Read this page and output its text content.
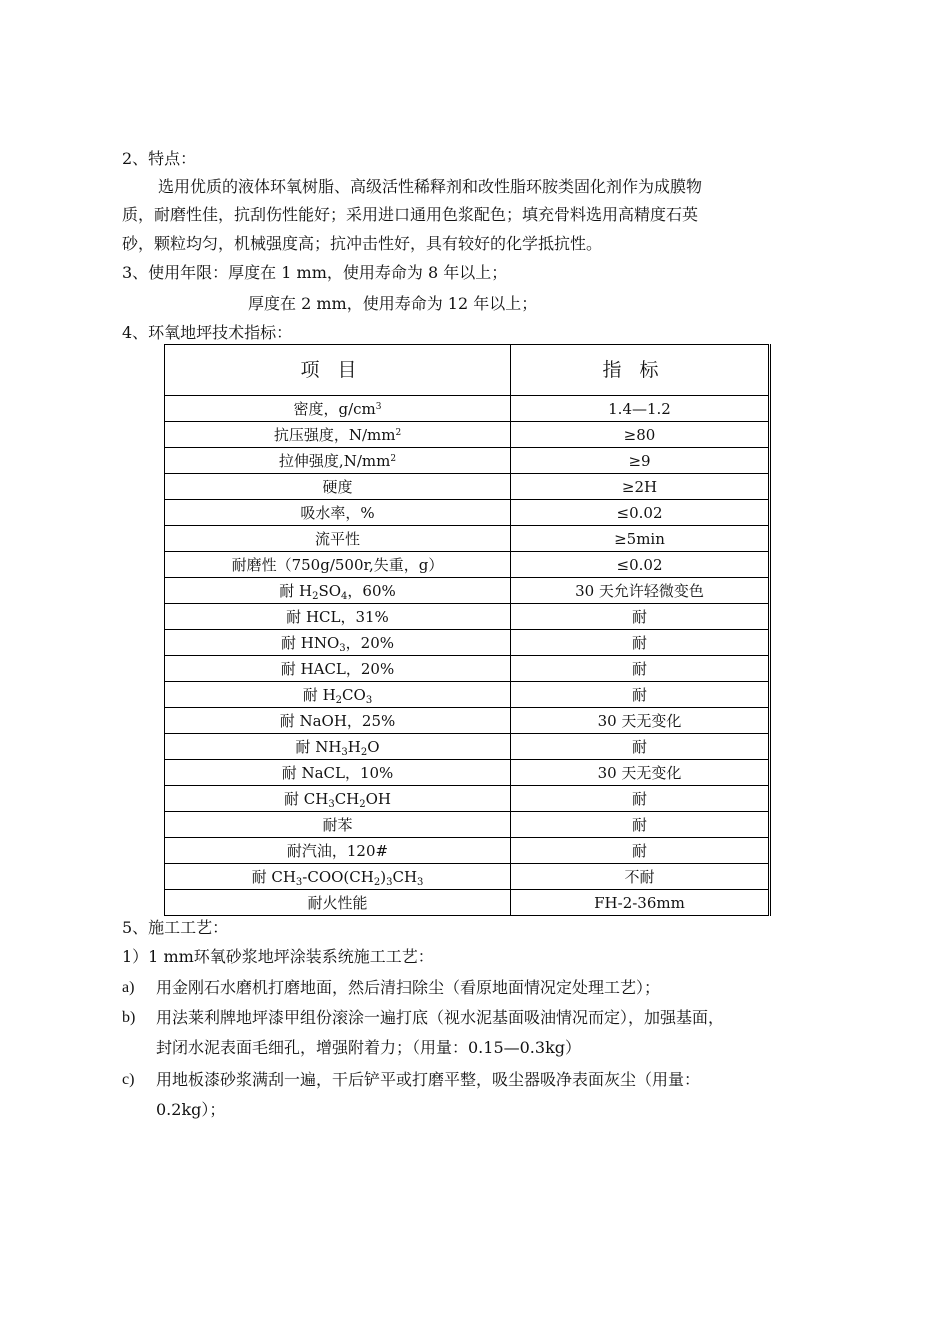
2、特点：
选用优质的液体环氧树脂、高级活性稀释剂和改性脂环胺类固化剂作为成膜物
质，耐磨性佳，抗刮伤性能好；采用进口通用色浆配色；填充骨料选用高精度石英
砂，颗粒均匀，机械强度高；抗冲击性好，具有较好的化学抵抗性。
3、使用年限：厚度在 1 mm，使用寿命为 8 年以上；
厚度在 2 mm，使用寿命为 12 年以上；
4、环氧地坪技术指标：
项目	指标
密度，$g/cm^3$	1.4—1.2
抗压强度，$N/mm^2$	≥80
拉伸强度$,N/mm^2$	≥9
硬度	≥2H
吸水率，%	≤0.02
流平性	≥5min
耐磨性（750g/500r,失重，g）	≤0.02
耐 $H_2SO_4$，60%	30 天允许轻微变色
耐 HCL，31%	耐
耐 $HNO_3$，20%	耐
耐 HACL，20%	耐
耐 $H_2CO_3$	耐
耐 NaOH，25%	30 天无变化
耐 $NH_3H_2O$	耐
耐 NaCL，10%	30 天无变化
耐 $CH_3CH_2OH$	耐
耐苯	耐
耐汽油，120#	耐
耐 $CH_3-COO(CH_2)_3CH_3$	不耐
耐火性能	FH-2-36mm
5、施工工艺：
1）1 mm环氧砂浆地坪涂装系统施工工艺：
a) 用金刚石水磨机打磨地面，然后清扫除尘（看原地面情况定处理工艺）；
b) 用法莱利牌地坪漆甲组份滚涂一遍打底（视水泥基面吸油情况而定），加强基面，
封闭水泥表面毛细孔，增强附着力；（用量：0.15—0.3kg）
c) 用地板漆砂浆满刮一遍，干后铲平或打磨平整，吸尘器吸净表面灰尘（用量：
0.2kg）；
